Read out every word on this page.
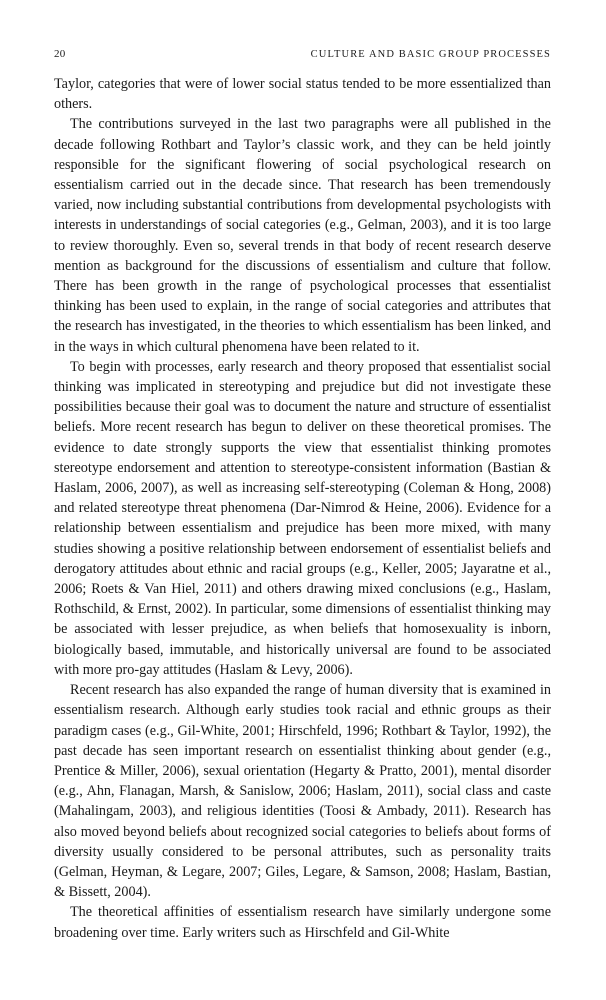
20	CULTURE AND BASIC GROUP PROCESSES

Taylor, categories that were of lower social status tended to be more essentialized than others.

The contributions surveyed in the last two paragraphs were all published in the decade following Rothbart and Taylor’s classic work, and they can be held jointly responsible for the significant flowering of social psychological research on essentialism carried out in the decade since. That research has been tremendously varied, now including substantial contributions from developmental psychologists with interests in understandings of social categories (e.g., Gelman, 2003), and it is too large to review thoroughly. Even so, several trends in that body of recent research deserve mention as background for the discussions of essentialism and culture that follow. There has been growth in the range of psychological processes that essentialist thinking has been used to explain, in the range of social categories and attributes that the research has investigated, in the theories to which essentialism has been linked, and in the ways in which cultural phenomena have been related to it.

To begin with processes, early research and theory proposed that essentialist social thinking was implicated in stereotyping and prejudice but did not investigate these possibilities because their goal was to document the nature and structure of essentialist beliefs. More recent research has begun to deliver on these theoretical promises. The evidence to date strongly supports the view that essentialist thinking promotes stereotype endorsement and attention to stereotype-consistent information (Bastian & Haslam, 2006, 2007), as well as increasing self-stereotyping (Coleman & Hong, 2008) and related stereotype threat phenomena (Dar-Nimrod & Heine, 2006). Evidence for a relationship between essentialism and prejudice has been more mixed, with many studies showing a positive relationship between endorsement of essentialist beliefs and derogatory attitudes about ethnic and racial groups (e.g., Keller, 2005; Jayaratne et al., 2006; Roets & Van Hiel, 2011) and others drawing mixed conclusions (e.g., Haslam, Rothschild, & Ernst, 2002). In particular, some dimensions of essentialist thinking may be associated with lesser prejudice, as when beliefs that homosexuality is inborn, biologically based, immutable, and historically universal are found to be associated with more pro-gay attitudes (Haslam & Levy, 2006).

Recent research has also expanded the range of human diversity that is examined in essentialism research. Although early studies took racial and ethnic groups as their paradigm cases (e.g., Gil-White, 2001; Hirschfeld, 1996; Rothbart & Taylor, 1992), the past decade has seen important research on essentialist thinking about gender (e.g., Prentice & Miller, 2006), sexual orientation (Hegarty & Pratto, 2001), mental disorder (e.g., Ahn, Flanagan, Marsh, & Sanislow, 2006; Haslam, 2011), social class and caste (Mahalingam, 2003), and religious identities (Toosi & Ambady, 2011). Research has also moved beyond beliefs about recognized social categories to beliefs about forms of diversity usually considered to be personal attributes, such as personality traits (Gelman, Heyman, & Legare, 2007; Giles, Legare, & Samson, 2008; Haslam, Bastian, & Bissett, 2004).

The theoretical affinities of essentialism research have similarly undergone some broadening over time. Early writers such as Hirschfeld and Gil-White
